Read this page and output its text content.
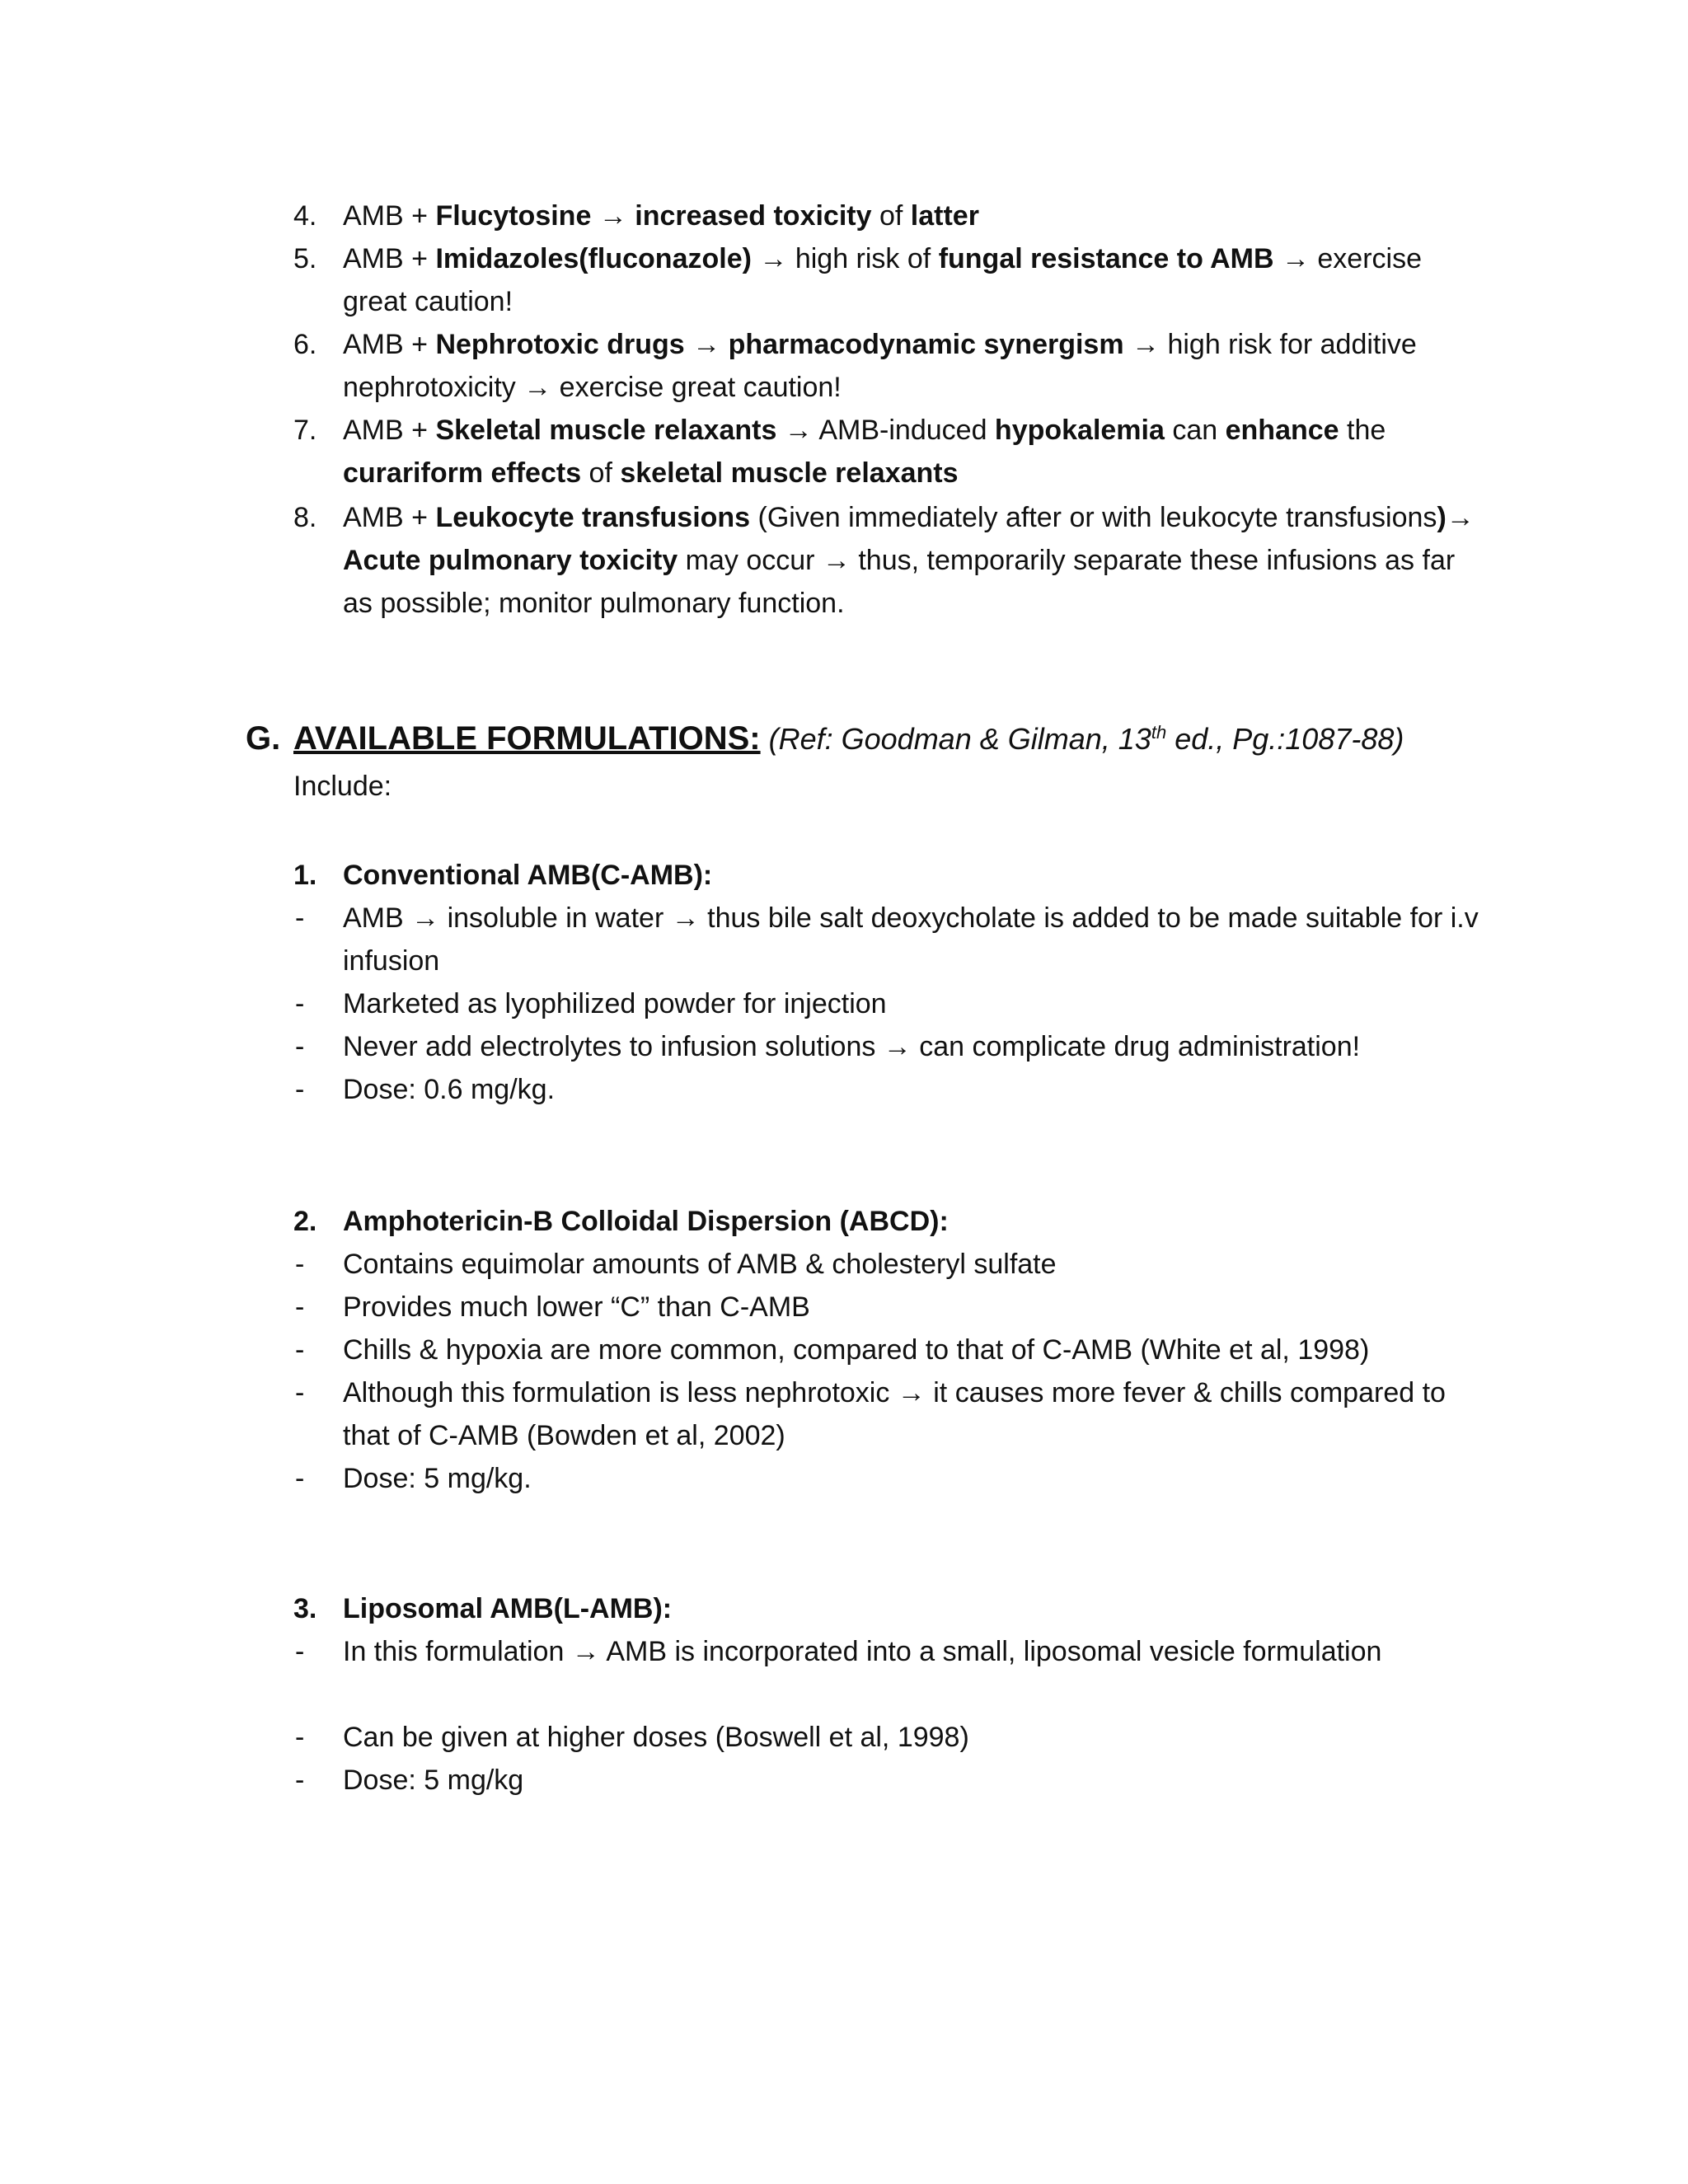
4. AMB + Flucytosine → increased toxicity of latter
5. AMB + Imidazoles(fluconazole) → high risk of fungal resistance to AMB → exercise great caution!
6. AMB + Nephrotoxic drugs → pharmacodynamic synergism → high risk for additive nephrotoxicity → exercise great caution!
7. AMB + Skeletal muscle relaxants → AMB-induced hypokalemia can enhance the curariform effects of skeletal muscle relaxants
8. AMB + Leukocyte transfusions (Given immediately after or with leukocyte transfusions)→ Acute pulmonary toxicity may occur → thus, temporarily separate these infusions as far as possible; monitor pulmonary function.
G. AVAILABLE FORMULATIONS: (Ref: Goodman & Gilman, 13th ed., Pg.:1087-88)
Include:
1. Conventional AMB(C-AMB):
-	AMB → insoluble in water → thus bile salt deoxycholate is added to be made suitable for i.v infusion
-	Marketed as lyophilized powder for injection
-	Never add electrolytes to infusion solutions → can complicate drug administration!
-	Dose: 0.6 mg/kg.
2. Amphotericin-B Colloidal Dispersion (ABCD):
-	Contains equimolar amounts of AMB & cholesteryl sulfate
-	Provides much lower “C” than C-AMB
-	Chills & hypoxia are more common, compared to that of C-AMB (White et al, 1998)
-	Although this formulation is less nephrotoxic → it causes more fever & chills compared to that of C-AMB (Bowden et al, 2002)
-	Dose: 5 mg/kg.
3. Liposomal AMB(L-AMB):
-	In this formulation → AMB is incorporated into a small, liposomal vesicle formulation
-	Can be given at higher doses (Boswell et al, 1998)
-	Dose: 5 mg/kg
